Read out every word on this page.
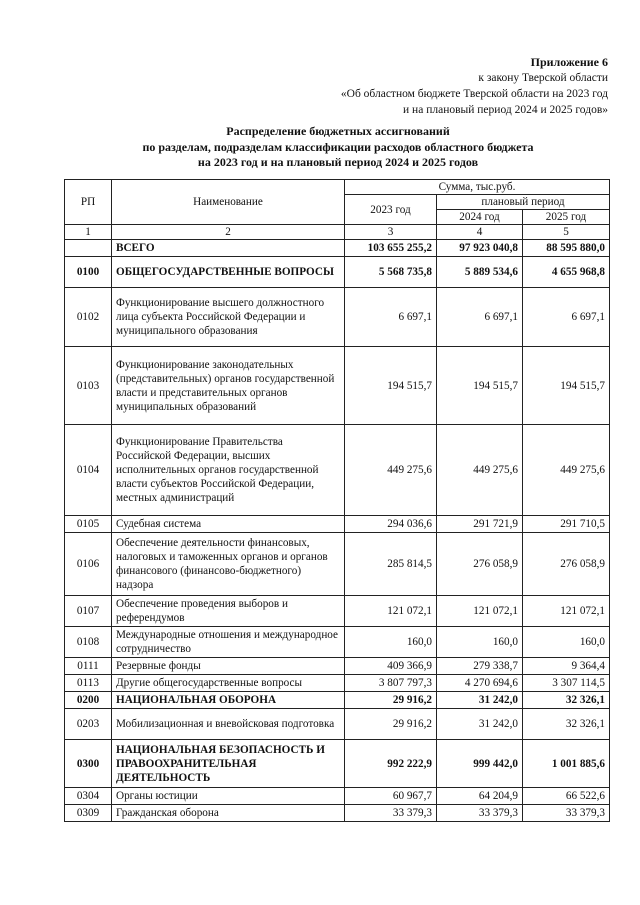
Приложение 6
к закону Тверской области
«Об областном бюджете Тверской области на 2023 год
и на плановый период 2024 и 2025 годов»
Распределение бюджетных ассигнований
по разделам, подразделам классификации расходов областного бюджета
на 2023 год и на плановый период 2024 и 2025 годов
РП	Наименование	Сумма, тыс.руб.		
		2023 год	плановый период	
			2024 год	2025 год
1	2	3	4	5
	ВСЕГО	103 655 255,2	97 923 040,8	88 595 880,0
0100	ОБЩЕГОСУДАРСТВЕННЫЕ ВОПРОСЫ	5 568 735,8	5 889 534,6	4 655 968,8
0102	Функционирование высшего должностного лица субъекта Российской Федерации и муниципального образования	6 697,1	6 697,1	6 697,1
0103	Функционирование законодательных (представительных) органов государственной власти и представительных органов муниципальных образований	194 515,7	194 515,7	194 515,7
0104	Функционирование Правительства Российской Федерации, высших исполнительных органов государственной власти субъектов Российской Федерации, местных администраций	449 275,6	449 275,6	449 275,6
0105	Судебная система	294 036,6	291 721,9	291 710,5
0106	Обеспечение деятельности финансовых, налоговых и таможенных органов и органов финансового (финансово-бюджетного) надзора	285 814,5	276 058,9	276 058,9
0107	Обеспечение проведения выборов и референдумов	121 072,1	121 072,1	121 072,1
0108	Международные отношения и международное сотрудничество	160,0	160,0	160,0
0111	Резервные фонды	409 366,9	279 338,7	9 364,4
0113	Другие общегосударственные вопросы	3 807 797,3	4 270 694,6	3 307 114,5
0200	НАЦИОНАЛЬНАЯ ОБОРОНА	29 916,2	31 242,0	32 326,1
0203	Мобилизационная и вневойсковая подготовка	29 916,2	31 242,0	32 326,1
0300	НАЦИОНАЛЬНАЯ БЕЗОПАСНОСТЬ И ПРАВООХРАНИТЕЛЬНАЯ ДЕЯТЕЛЬНОСТЬ	992 222,9	999 442,0	1 001 885,6
0304	Органы юстиции	60 967,7	64 204,9	66 522,6
0309	Гражданская оборона	33 379,3	33 379,3	33 379,3
